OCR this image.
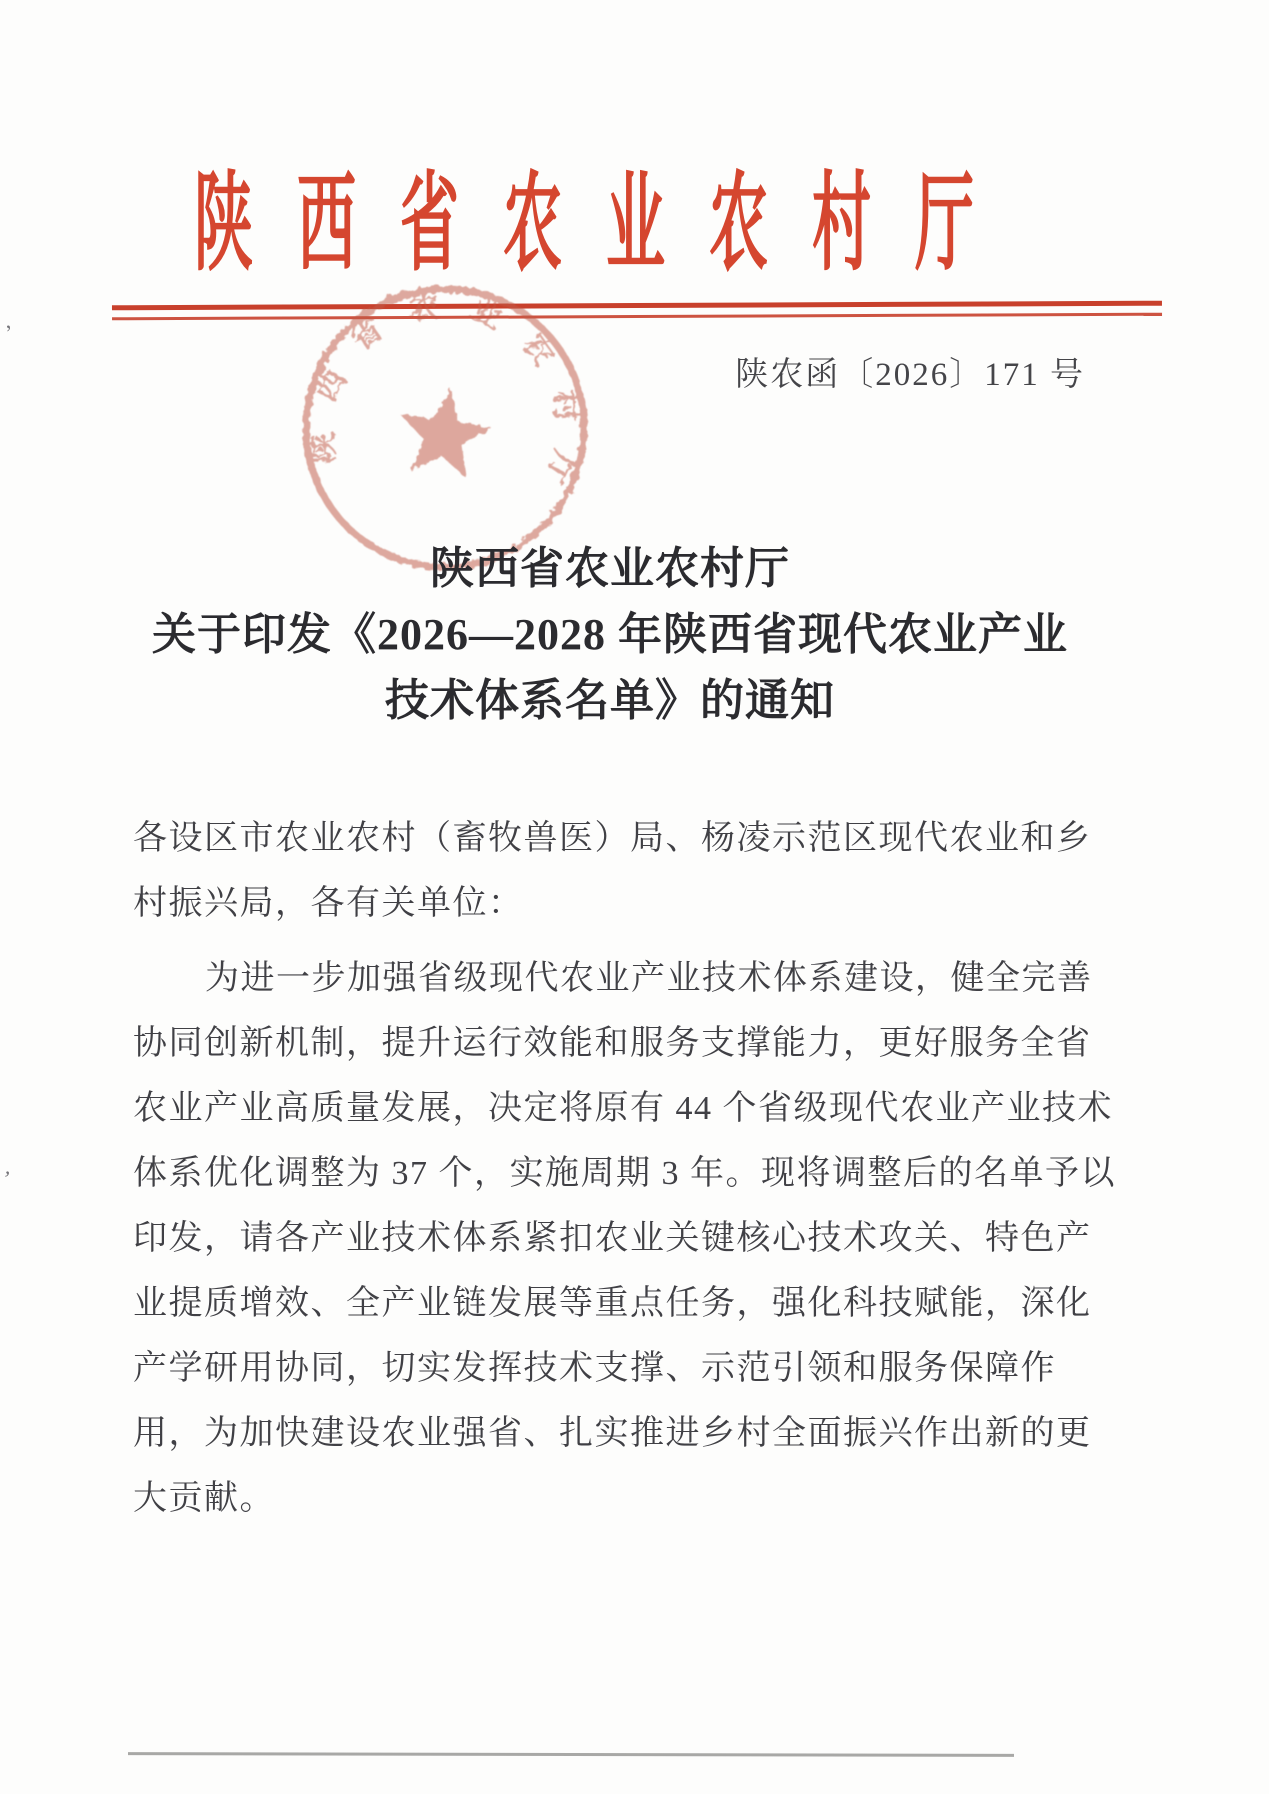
陕西省农业农村厅
陕西省农业农村厅
陕农函〔2026〕171 号
陕西省农业农村厅
关于印发《2026—2028 年陕西省现代农业产业
技术体系名单》的通知
各设区市农业农村（畜牧兽医）局、杨凌示范区现代农业和乡
村振兴局，各有关单位：
为进一步加强省级现代农业产业技术体系建设，健全完善
协同创新机制，提升运行效能和服务支撑能力，更好服务全省
农业产业高质量发展，决定将原有 44 个省级现代农业产业技术
体系优化调整为 37 个，实施周期 3 年。现将调整后的名单予以
印发，请各产业技术体系紧扣农业关键核心技术攻关、特色产
业提质增效、全产业链发展等重点任务，强化科技赋能，深化
产学研用协同，切实发挥技术支撑、示范引领和服务保障作
用，为加快建设农业强省、扎实推进乡村全面振兴作出新的更
大贡献。
’
’
